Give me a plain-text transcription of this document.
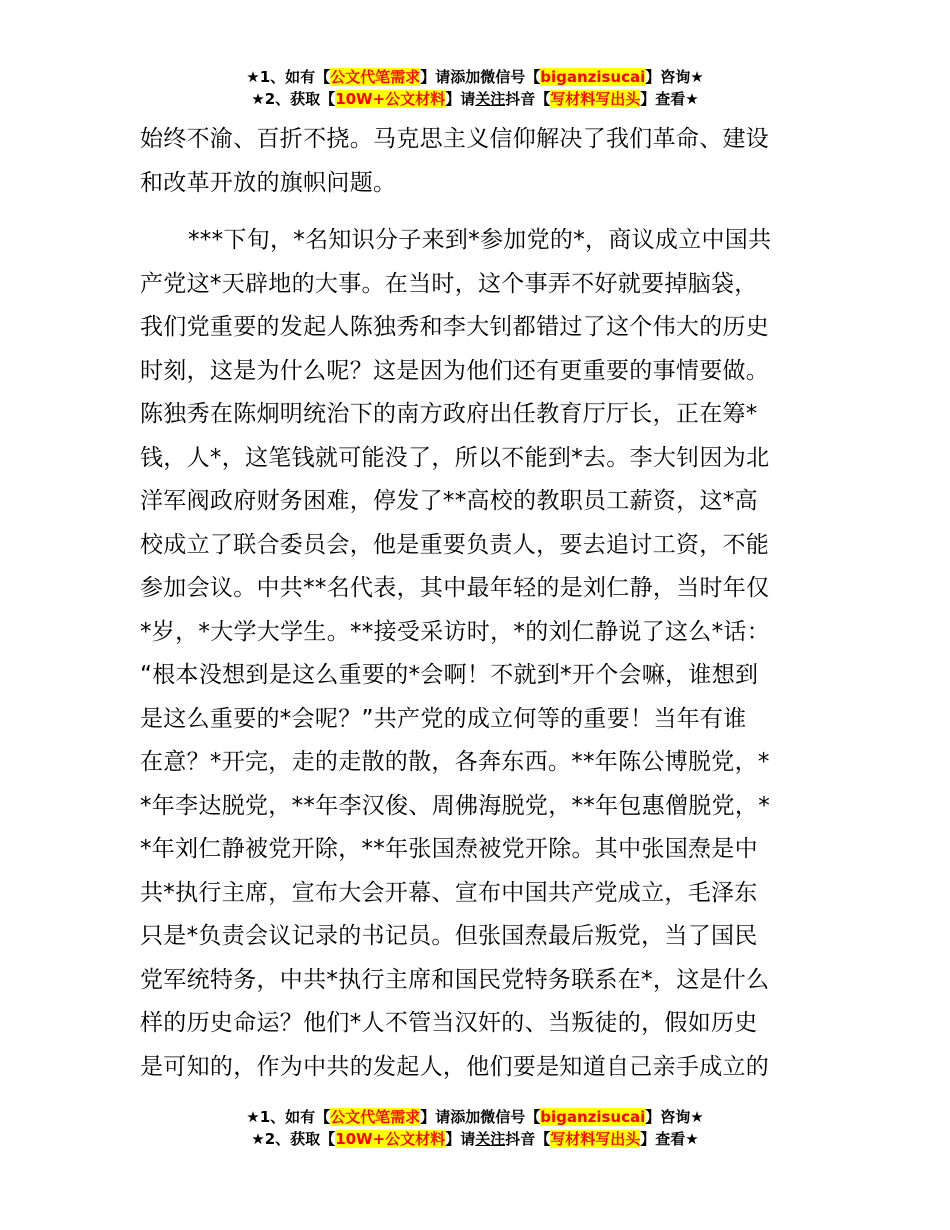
★1、如有【公文代笔需求】请添加微信号【biganzisucai】咨询★
★2、获取【10W+公文材料】请关注抖音【写材料写出头】查看★
始终不渝、百折不挠。马克思主义信仰解决了我们革命、建设
和改革开放的旗帜问题。
***下旬，*名知识分子来到*参加党的*，商议成立中国共
产党这*天辟地的大事。在当时，这个事弄不好就要掉脑袋，
我们党重要的发起人陈独秀和李大钊都错过了这个伟大的历史
时刻，这是为什么呢？这是因为他们还有更重要的事情要做。
陈独秀在陈炯明统治下的南方政府出任教育厅厅长，正在筹*
钱，人*，这笔钱就可能没了，所以不能到*去。李大钊因为北
洋军阀政府财务困难，停发了**高校的教职员工薪资，这*高
校成立了联合委员会，他是重要负责人，要去追讨工资，不能
参加会议。中共**名代表，其中最年轻的是刘仁静，当时年仅
*岁，*大学大学生。**接受采访时，*的刘仁静说了这么*话：
“根本没想到是这么重要的*会啊！不就到*开个会嘛，谁想到
是这么重要的*会呢？”共产党的成立何等的重要！当年有谁
在意？*开完，走的走散的散，各奔东西。**年陈公博脱党，*
*年李达脱党，**年李汉俊、周佛海脱党，**年包惠僧脱党，*
*年刘仁静被党开除，**年张国焘被党开除。其中张国焘是中
共*执行主席，宣布大会开幕、宣布中国共产党成立，毛泽东
只是*负责会议记录的书记员。但张国焘最后叛党，当了国民
党军统特务，中共*执行主席和国民党特务联系在*，这是什么
样的历史命运？他们*人不管当汉奸的、当叛徒的，假如历史
是可知的，作为中共的发起人，他们要是知道自己亲手成立的
★1、如有【公文代笔需求】请添加微信号【biganzisucai】咨询★
★2、获取【10W+公文材料】请关注抖音【写材料写出头】查看★
